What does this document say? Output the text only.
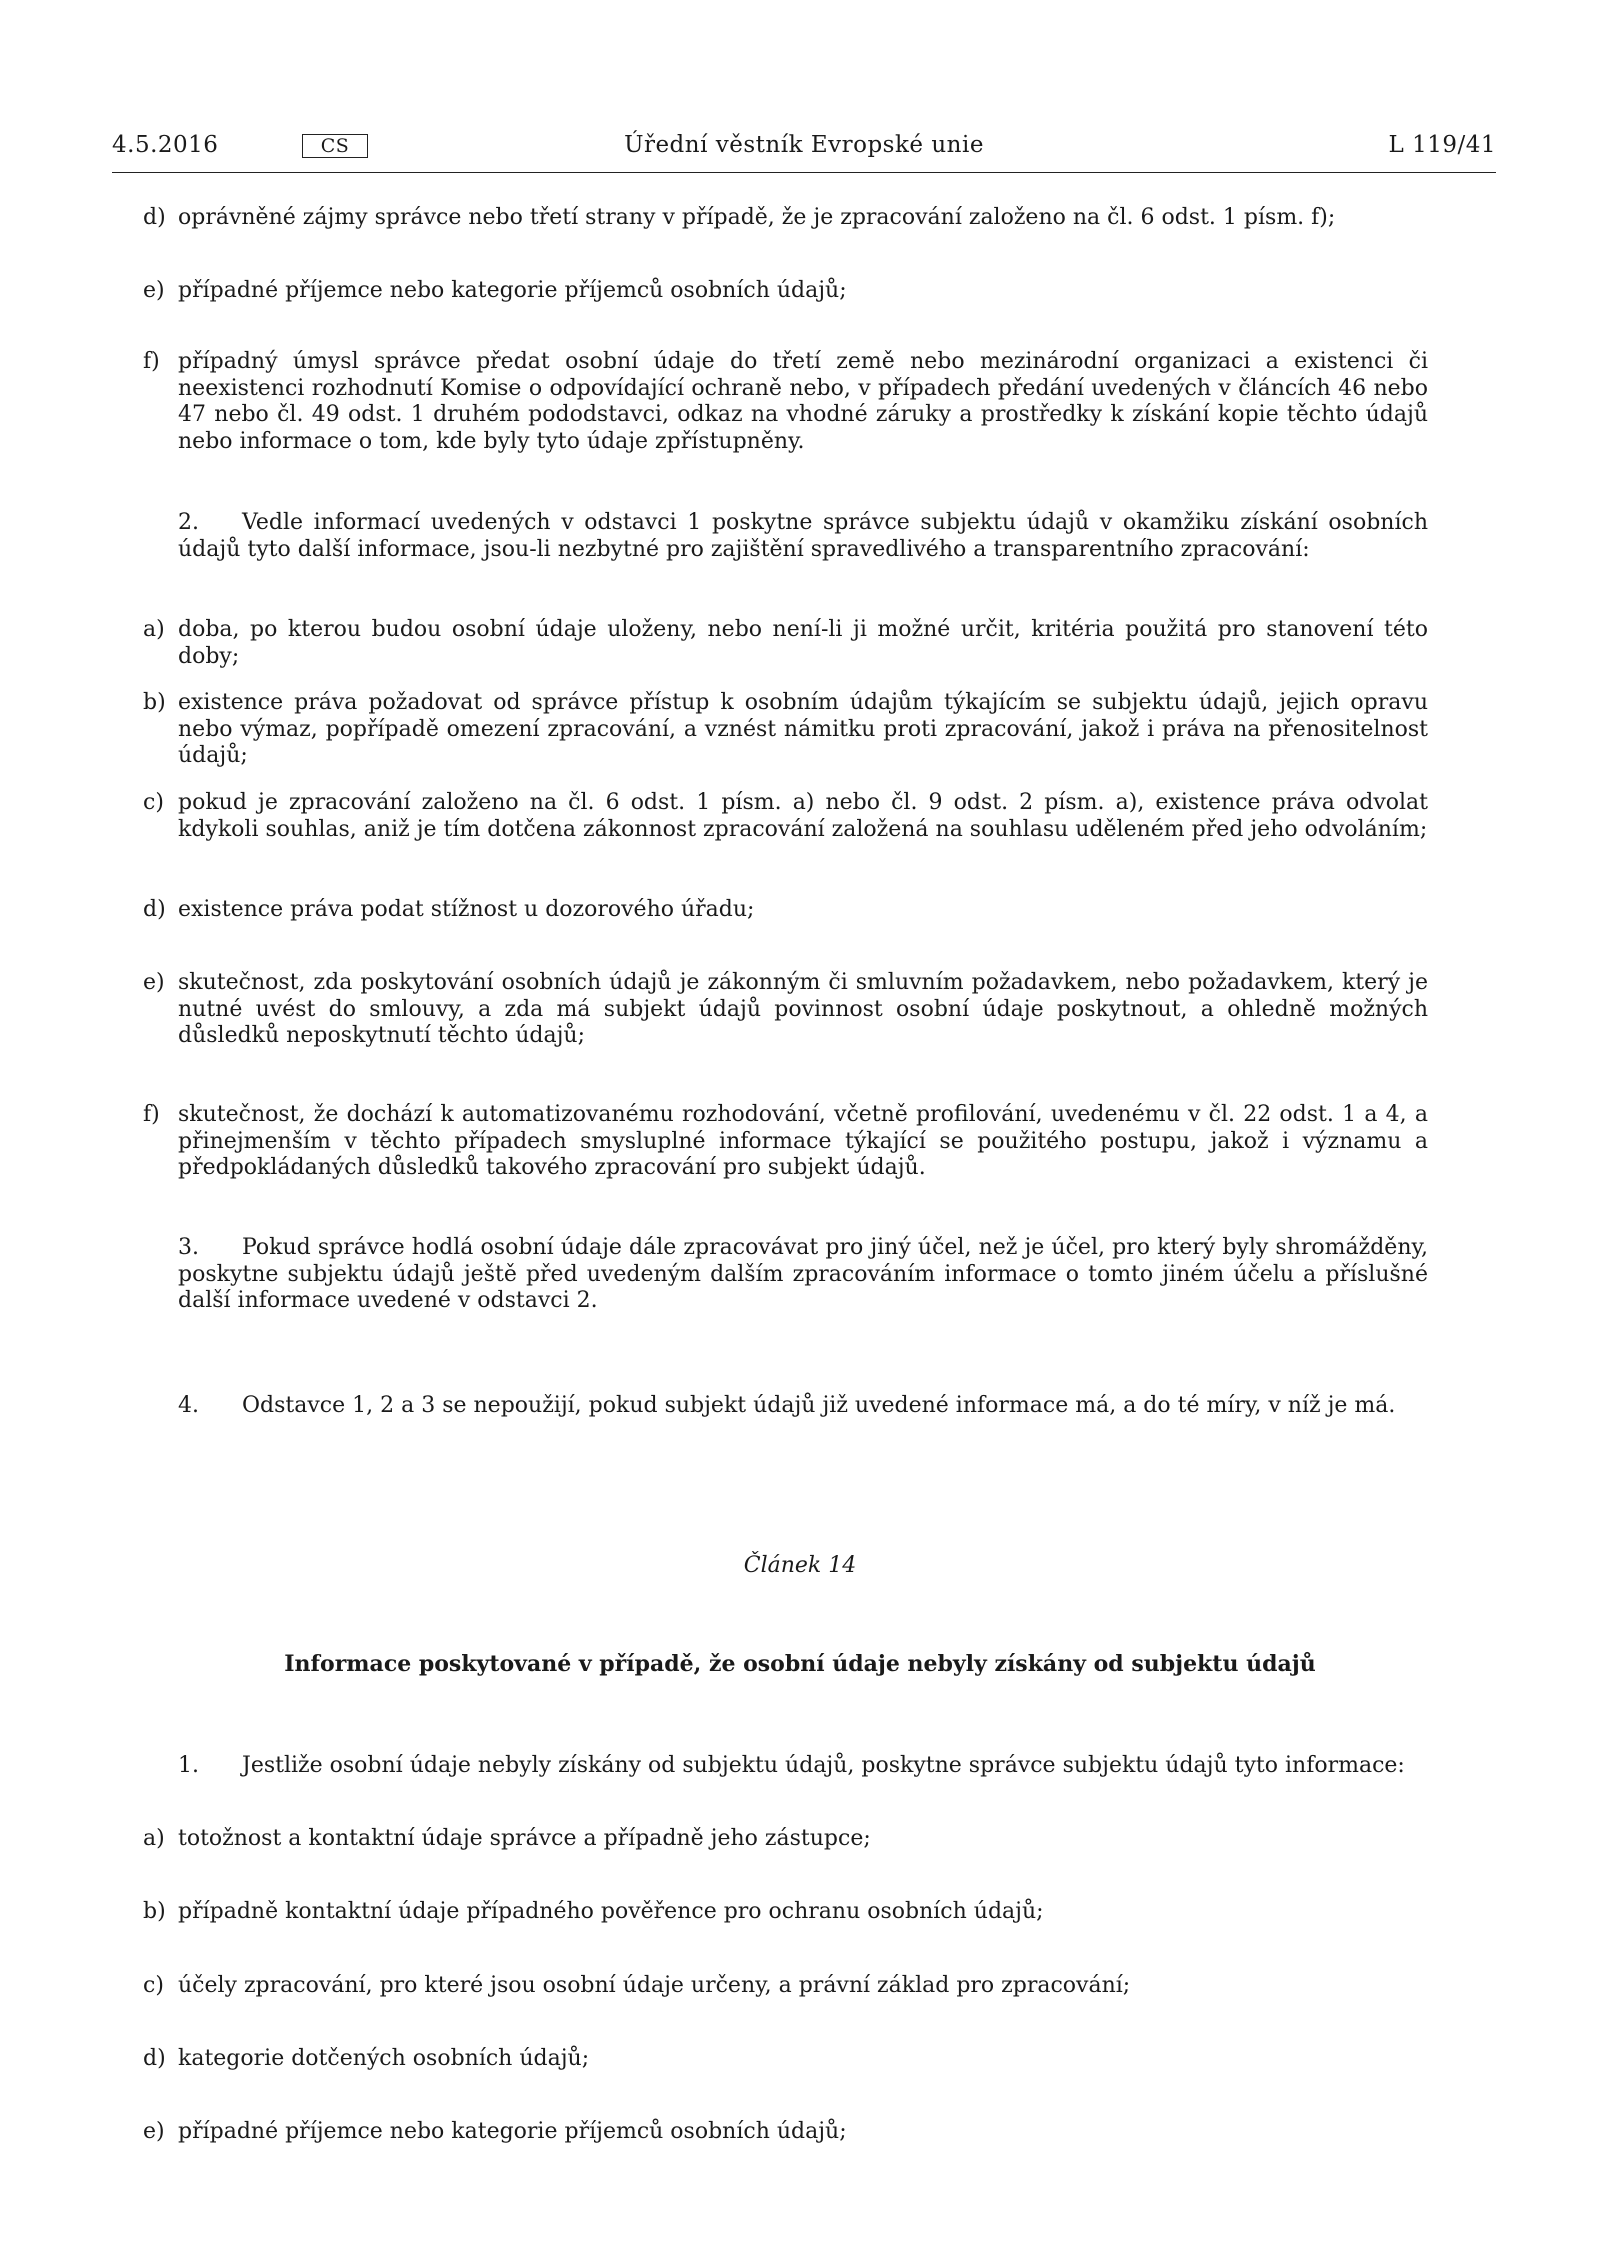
4.5.2016	CS	Úřední věstník Evropské unie	L 119/41
d) oprávněné zájmy správce nebo třetí strany v případě, že je zpracování založeno na čl. 6 odst. 1 písm. f);
e) případné příjemce nebo kategorie příjemců osobních údajů;
f) případný úmysl správce předat osobní údaje do třetí země nebo mezinárodní organizaci a existenci či neexistenci rozhodnutí Komise o odpovídající ochraně nebo, v případech předání uvedených v článcích 46 nebo 47 nebo čl. 49 odst. 1 druhém pododstavci, odkaz na vhodné záruky a prostředky k získání kopie těchto údajů nebo informace o tom, kde byly tyto údaje zpřístupněny.
2. Vedle informací uvedených v odstavci 1 poskytne správce subjektu údajů v okamžiku získání osobních údajů tyto další informace, jsou-li nezbytné pro zajištění spravedlivého a transparentního zpracování:
a) doba, po kterou budou osobní údaje uloženy, nebo není-li ji možné určit, kritéria použitá pro stanovení této doby;
b) existence práva požadovat od správce přístup k osobním údajům týkajícím se subjektu údajů, jejich opravu nebo výmaz, popřípadě omezení zpracování, a vznést námitku proti zpracování, jakož i práva na přenositelnost údajů;
c) pokud je zpracování založeno na čl. 6 odst. 1 písm. a) nebo čl. 9 odst. 2 písm. a), existence práva odvolat kdykoli souhlas, aniž je tím dotčena zákonnost zpracování založená na souhlasu uděleném před jeho odvoláním;
d) existence práva podat stížnost u dozorového úřadu;
e) skutečnost, zda poskytování osobních údajů je zákonným či smluvním požadavkem, nebo požadavkem, který je nutné uvést do smlouvy, a zda má subjekt údajů povinnost osobní údaje poskytnout, a ohledně možných důsledků neposkytnutí těchto údajů;
f) skutečnost, že dochází k automatizovanému rozhodování, včetně profilování, uvedenému v čl. 22 odst. 1 a 4, a přinejmenším v těchto případech smysluplné informace týkající se použitého postupu, jakož i významu a předpokládaných důsledků takového zpracování pro subjekt údajů.
3. Pokud správce hodlá osobní údaje dále zpracovávat pro jiný účel, než je účel, pro který byly shromážděny, poskytne subjektu údajů ještě před uvedeným dalším zpracováním informace o tomto jiném účelu a příslušné další informace uvedené v odstavci 2.
4. Odstavce 1, 2 a 3 se nepoužijí, pokud subjekt údajů již uvedené informace má, a do té míry, v níž je má.
Článek 14
Informace poskytované v případě, že osobní údaje nebyly získány od subjektu údajů
1. Jestliže osobní údaje nebyly získány od subjektu údajů, poskytne správce subjektu údajů tyto informace:
a) totožnost a kontaktní údaje správce a případně jeho zástupce;
b) případně kontaktní údaje případného pověřence pro ochranu osobních údajů;
c) účely zpracování, pro které jsou osobní údaje určeny, a právní základ pro zpracování;
d) kategorie dotčených osobních údajů;
e) případné příjemce nebo kategorie příjemců osobních údajů;
